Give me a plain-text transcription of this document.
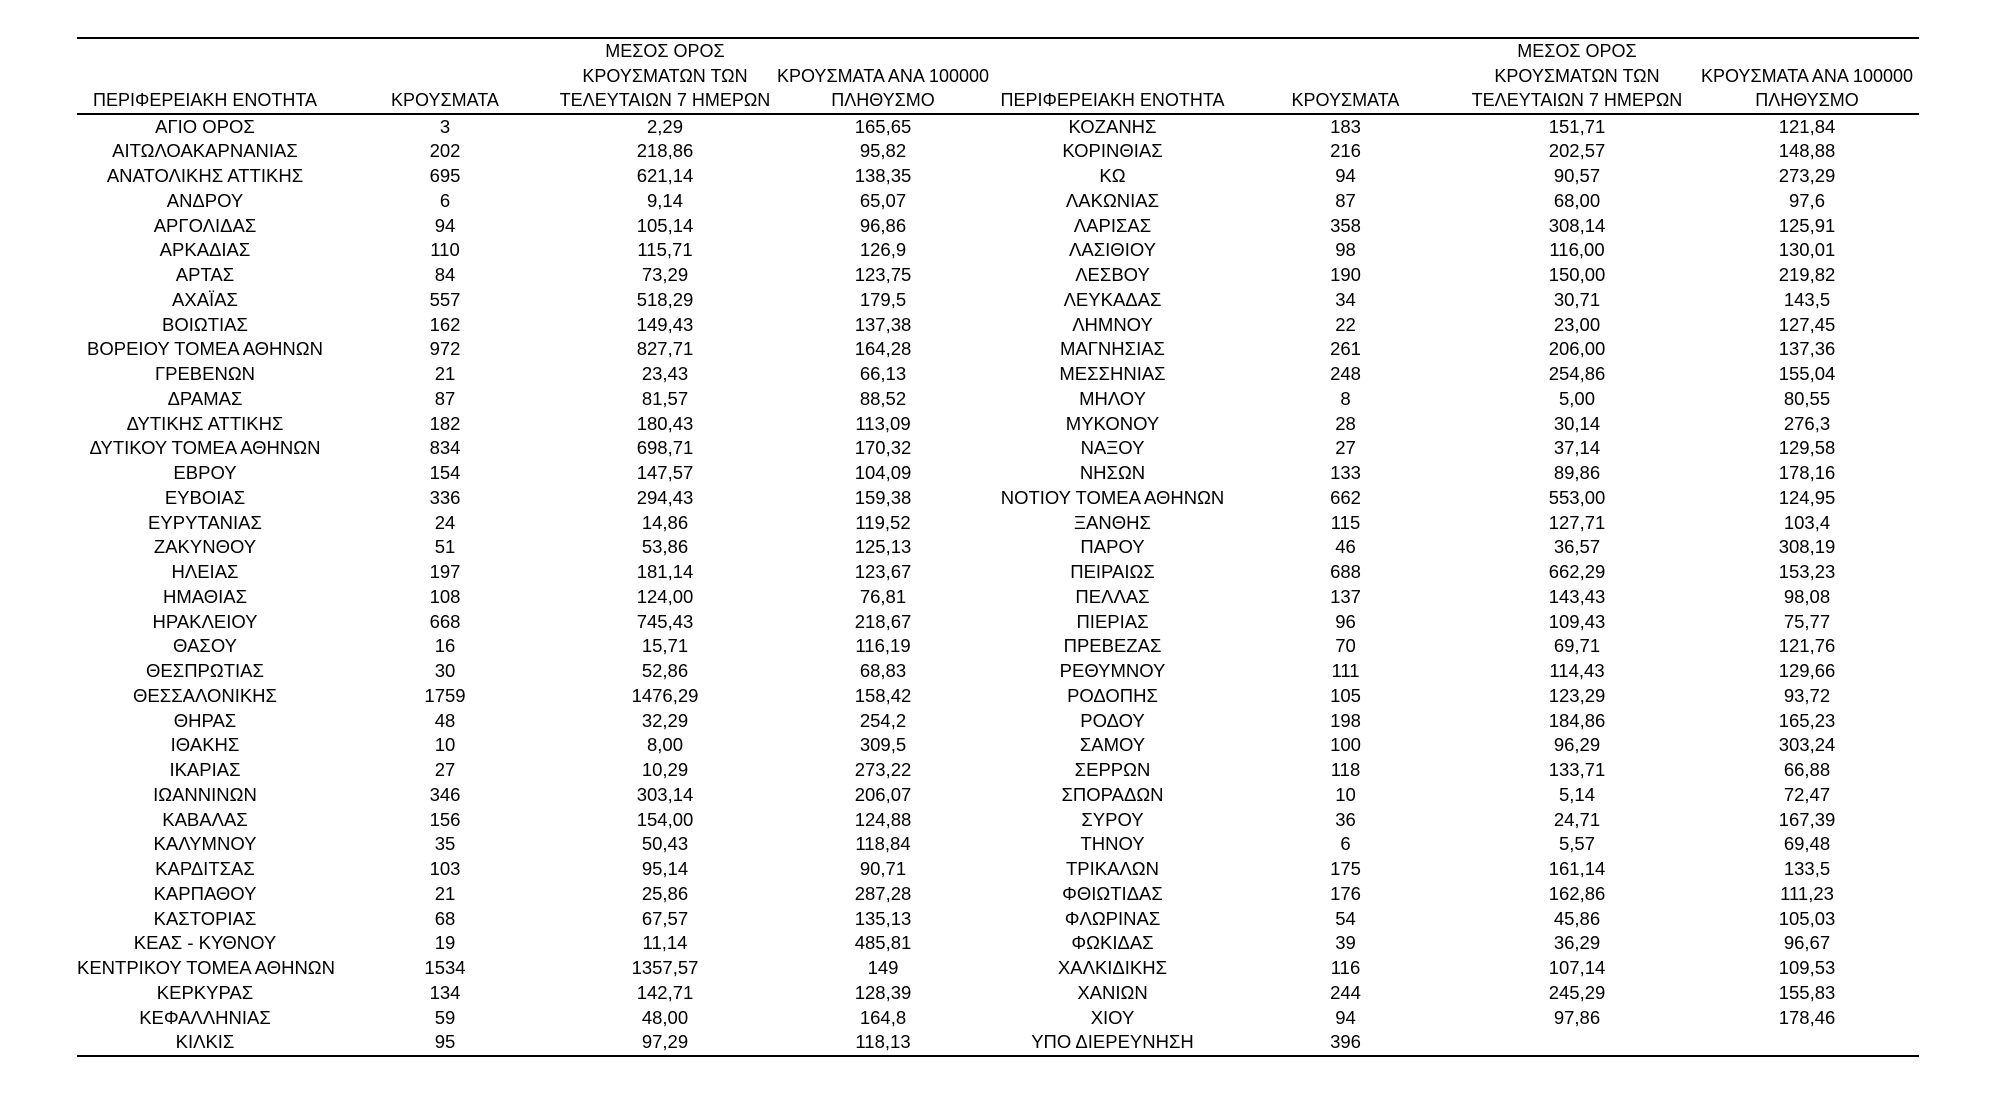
ΠΕΡΙΦΕΡΕΙΑΚΗ ΕΝΟΤΗΤΑ	ΚΡΟΥΣΜΑΤΑ	ΜΕΣΟΣ ΟΡΟΣ
ΚΡΟΥΣΜΑΤΩΝ ΤΩΝ
ΤΕΛΕΥΤΑΙΩΝ 7 ΗΜΕΡΩΝ	ΚΡΟΥΣΜΑΤΑ ΑΝΑ 100000
ΠΛΗΘΥΣΜΟ	ΠΕΡΙΦΕΡΕΙΑΚΗ ΕΝΟΤΗΤΑ	ΚΡΟΥΣΜΑΤΑ	ΜΕΣΟΣ ΟΡΟΣ
ΚΡΟΥΣΜΑΤΩΝ ΤΩΝ
ΤΕΛΕΥΤΑΙΩΝ 7 ΗΜΕΡΩΝ	ΚΡΟΥΣΜΑΤΑ ΑΝΑ 100000
ΠΛΗΘΥΣΜΟ

ΑΓΙΟ ΟΡΟΣ	3	2,29	165,65	ΚΟΖΑΝΗΣ	183	151,71	121,84
ΑΙΤΩΛΟΑΚΑΡΝΑΝΙΑΣ	202	218,86	95,82	ΚΟΡΙΝΘΙΑΣ	216	202,57	148,88
ΑΝΑΤΟΛΙΚΗΣ ΑΤΤΙΚΗΣ	695	621,14	138,35	ΚΩ	94	90,57	273,29
ΑΝΔΡΟΥ	6	9,14	65,07	ΛΑΚΩΝΙΑΣ	87	68,00	97,6
ΑΡΓΟΛΙΔΑΣ	94	105,14	96,86	ΛΑΡΙΣΑΣ	358	308,14	125,91
ΑΡΚΑΔΙΑΣ	110	115,71	126,9	ΛΑΣΙΘΙΟΥ	98	116,00	130,01
ΑΡΤΑΣ	84	73,29	123,75	ΛΕΣΒΟΥ	190	150,00	219,82
ΑΧΑΪΑΣ	557	518,29	179,5	ΛΕΥΚΑΔΑΣ	34	30,71	143,5
ΒΟΙΩΤΙΑΣ	162	149,43	137,38	ΛΗΜΝΟΥ	22	23,00	127,45
ΒΟΡΕΙΟΥ ΤΟΜΕΑ ΑΘΗΝΩΝ	972	827,71	164,28	ΜΑΓΝΗΣΙΑΣ	261	206,00	137,36
ΓΡΕΒΕΝΩΝ	21	23,43	66,13	ΜΕΣΣΗΝΙΑΣ	248	254,86	155,04
ΔΡΑΜΑΣ	87	81,57	88,52	ΜΗΛΟΥ	8	5,00	80,55
ΔΥΤΙΚΗΣ ΑΤΤΙΚΗΣ	182	180,43	113,09	ΜΥΚΟΝΟΥ	28	30,14	276,3
ΔΥΤΙΚΟΥ ΤΟΜΕΑ ΑΘΗΝΩΝ	834	698,71	170,32	ΝΑΞΟΥ	27	37,14	129,58
ΕΒΡΟΥ	154	147,57	104,09	ΝΗΣΩΝ	133	89,86	178,16
ΕΥΒΟΙΑΣ	336	294,43	159,38	ΝΟΤΙΟΥ ΤΟΜΕΑ ΑΘΗΝΩΝ	662	553,00	124,95
ΕΥΡΥΤΑΝΙΑΣ	24	14,86	119,52	ΞΑΝΘΗΣ	115	127,71	103,4
ΖΑΚΥΝΘΟΥ	51	53,86	125,13	ΠΑΡΟΥ	46	36,57	308,19
ΗΛΕΙΑΣ	197	181,14	123,67	ΠΕΙΡΑΙΩΣ	688	662,29	153,23
ΗΜΑΘΙΑΣ	108	124,00	76,81	ΠΕΛΛΑΣ	137	143,43	98,08
ΗΡΑΚΛΕΙΟΥ	668	745,43	218,67	ΠΙΕΡΙΑΣ	96	109,43	75,77
ΘΑΣΟΥ	16	15,71	116,19	ΠΡΕΒΕΖΑΣ	70	69,71	121,76
ΘΕΣΠΡΩΤΙΑΣ	30	52,86	68,83	ΡΕΘΥΜΝΟΥ	111	114,43	129,66
ΘΕΣΣΑΛΟΝΙΚΗΣ	1759	1476,29	158,42	ΡΟΔΟΠΗΣ	105	123,29	93,72
ΘΗΡΑΣ	48	32,29	254,2	ΡΟΔΟΥ	198	184,86	165,23
ΙΘΑΚΗΣ	10	8,00	309,5	ΣΑΜΟΥ	100	96,29	303,24
ΙΚΑΡΙΑΣ	27	10,29	273,22	ΣΕΡΡΩΝ	118	133,71	66,88
ΙΩΑΝΝΙΝΩΝ	346	303,14	206,07	ΣΠΟΡΑΔΩΝ	10	5,14	72,47
ΚΑΒΑΛΑΣ	156	154,00	124,88	ΣΥΡΟΥ	36	24,71	167,39
ΚΑΛΥΜΝΟΥ	35	50,43	118,84	ΤΗΝΟΥ	6	5,57	69,48
ΚΑΡΔΙΤΣΑΣ	103	95,14	90,71	ΤΡΙΚΑΛΩΝ	175	161,14	133,5
ΚΑΡΠΑΘΟΥ	21	25,86	287,28	ΦΘΙΩΤΙΔΑΣ	176	162,86	111,23
ΚΑΣΤΟΡΙΑΣ	68	67,57	135,13	ΦΛΩΡΙΝΑΣ	54	45,86	105,03
ΚΕΑΣ - ΚΥΘΝΟΥ	19	11,14	485,81	ΦΩΚΙΔΑΣ	39	36,29	96,67
ΚΕΝΤΡΙΚΟΥ ΤΟΜΕΑ ΑΘΗΝΩΝ	1534	1357,57	149	ΧΑΛΚΙΔΙΚΗΣ	116	107,14	109,53
ΚΕΡΚΥΡΑΣ	134	142,71	128,39	ΧΑΝΙΩΝ	244	245,29	155,83
ΚΕΦΑΛΛΗΝΙΑΣ	59	48,00	164,8	ΧΙΟΥ	94	97,86	178,46
ΚΙΛΚΙΣ	95	97,29	118,13	ΥΠΟ ΔΙΕΡΕΥΝΗΣΗ	396		
